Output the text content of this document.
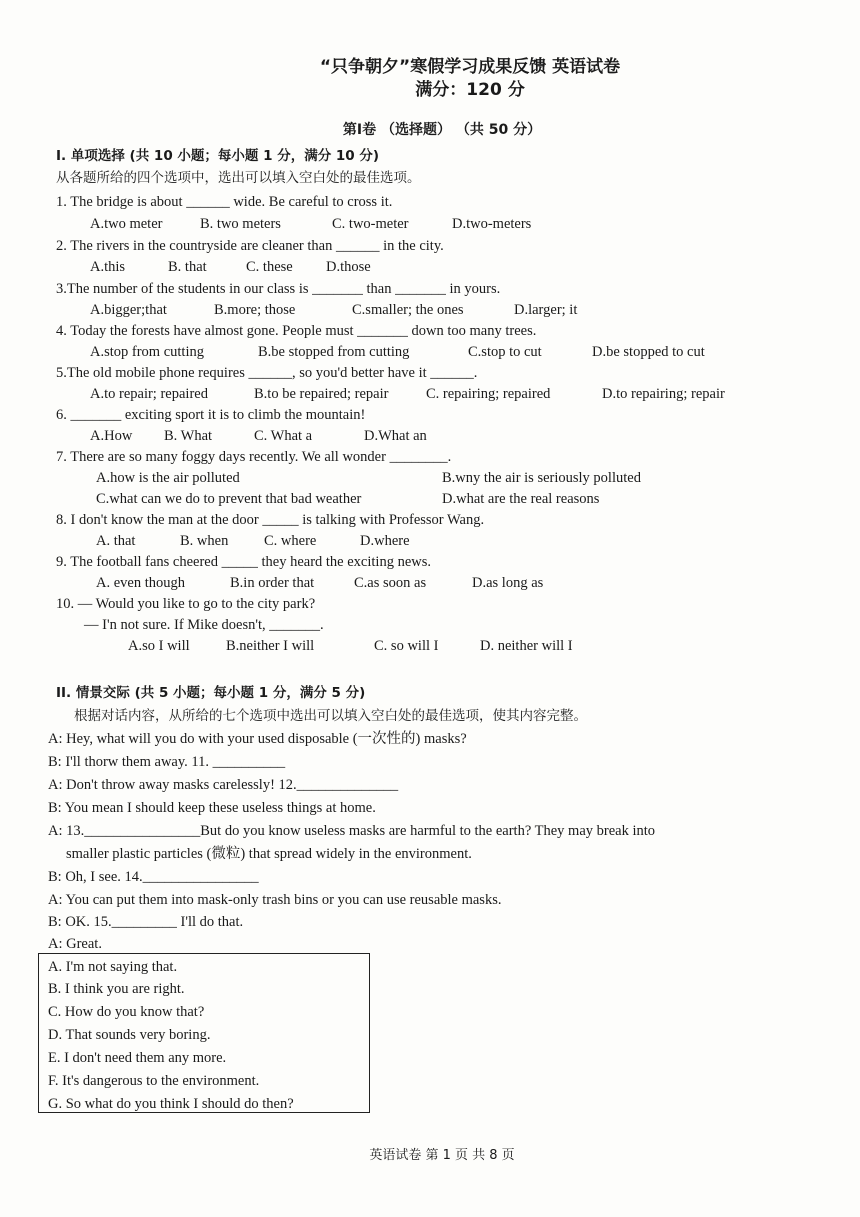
“只争朝夕”寒假学习成果反馈 英语试卷
满分：120 分
第Ⅰ卷 （选择题） （共 50 分）
I. 单项选择 (共 10 小题；每小题 1 分，满分 10 分)
从各题所给的四个选项中，选出可以填入空白处的最佳选项。
1. The bridge is about ______ wide. Be careful to cross it.
A.two meter	B. two meters	C. two-meter	D.two-meters
2. The rivers in the countryside are cleaner than ______ in the city.
A.this	B. that	C. these D.those
3.The number of the students in our class is _______ than _______ in yours.
A.bigger;that	B.more; those	C.smaller; the ones	D.larger; it
4. Today the forests have almost gone. People must _______ down too many trees.
A.stop from cutting	B.be stopped from cutting	C.stop to cut	D.be stopped to cut
5.The old mobile phone requires ______, so you'd better have it ______.
A.to repair; repaired	B.to be repaired; repair	C. repairing; repaired	D.to repairing; repair
6. _______ exciting sport it is to climb the mountain!
A.How B. What	C. What a	D.What an
7. There are so many foggy days recently. We all wonder ________.
A.how is the air polluted	B.wny the air is seriously polluted
C.what can we do to prevent that bad weather	D.what are the real reasons
8. I don't know the man at the door _____ is talking with Professor Wang.
A. that	B. when C. where	D.where
9. The football fans cheered _____ they heard the exciting news.
A. even though	B.in order that	C.as soon as	D.as long as
10. — Would you like to go to the city park?
— I'n not sure. If Mike doesn't, _______.
A.so I will	B.neither I will	C. so will I	D. neither will I
II. 情景交际 (共 5 小题；每小题 1 分，满分 5 分)
根据对话内容，从所给的七个选项中选出可以填入空白处的最佳选项，使其内容完整。
A: Hey, what will you do with your used disposable (一次性的) masks?
B: I'll thorw them away. 11. __________
A: Don't throw away masks carelessly! 12.______________
B: You mean I should keep these useless things at home.
A: 13.________________But do you know useless masks are harmful to the earth? They may break into
smaller plastic particles (微粒) that spread widely in the environment.
B: Oh, I see. 14.________________
A: You can put them into mask-only trash bins or you can use reusable masks.
B: OK. 15._________ I'll do that.
A: Great.
A. I'm not saying that.
B. I think you are right.
C. How do you know that?
D. That sounds very boring.
E. I don't need them any more.
F. It's dangerous to the environment.
G. So what do you think I should do then?
英语试卷 第 1 页 共 8 页
